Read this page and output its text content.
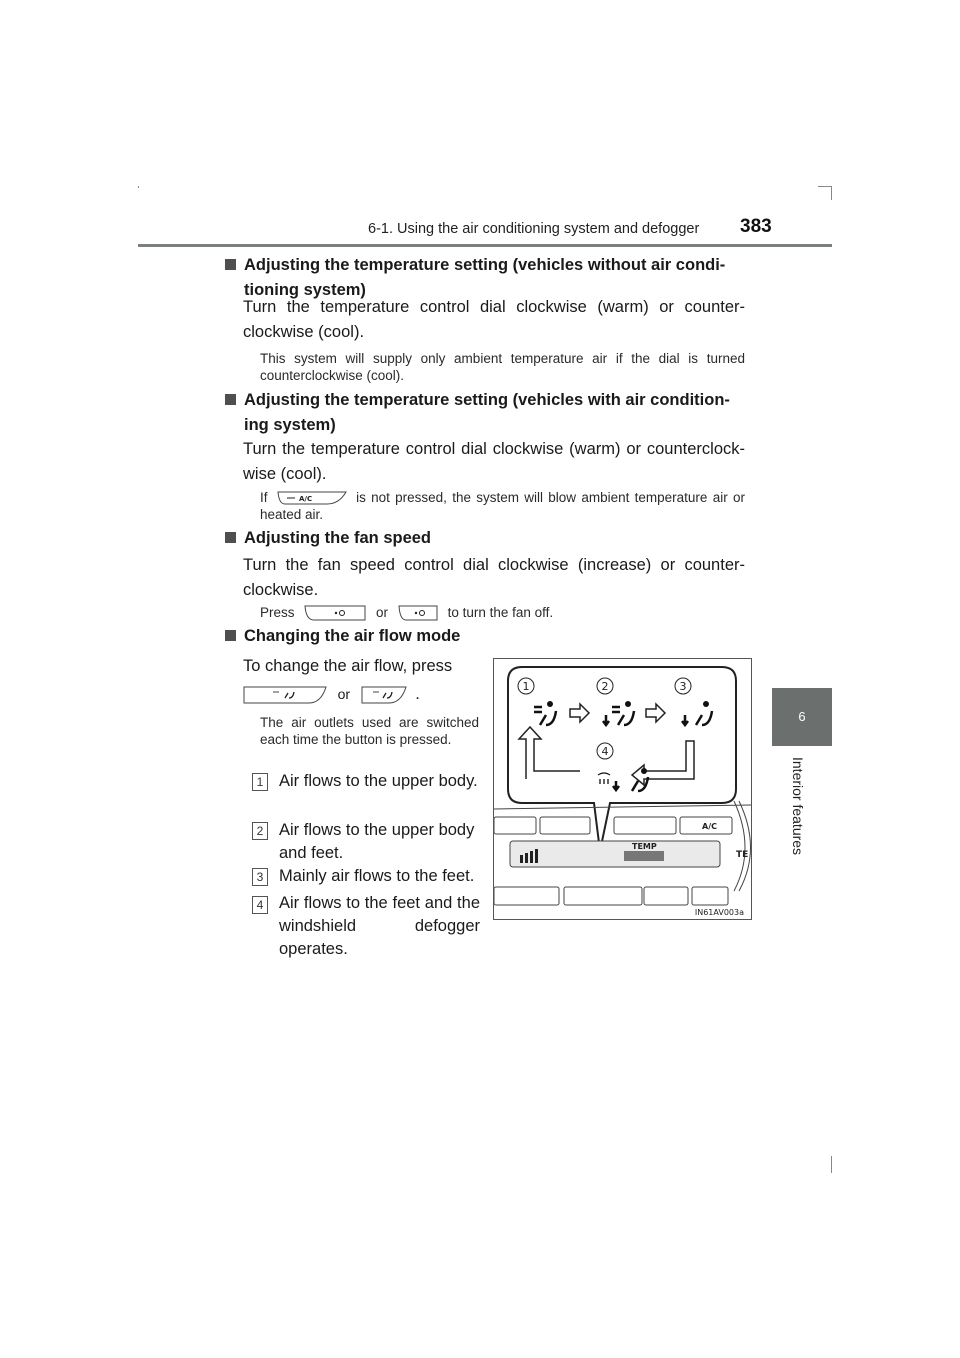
6-1. Using the air conditioning system and defogger 383
6
Interior features
Adjusting the temperature setting (vehicles without air condi-
tioning system)
Turn the temperature control dial clockwise (warm) or counter-clockwise (cool).
This system will supply only ambient temperature air if the dial is turned counterclockwise (cool).
Adjusting the temperature setting (vehicles with air condition-
ing system)
Turn the temperature control dial clockwise (warm) or counterclock-wise (cool).
If	A/C	is not pressed, the system will blow ambient temperature air or heated air.
Adjusting the fan speed
Turn the fan speed control dial clockwise (increase) or counter-clockwise.
Press	or	to turn the fan off.
Changing the air flow mode
To change the air flow, press
or	.
The air outlets used are switched each time the button is pressed.
1 Air flows to the upper body.
2 Air flows to the upper body and feet.
3 Mainly air flows to the feet.
4 Air flows to the feet and the windshield defogger operates.
1	2	3
4
A/C
TEMP
TE
IN61AV003a
